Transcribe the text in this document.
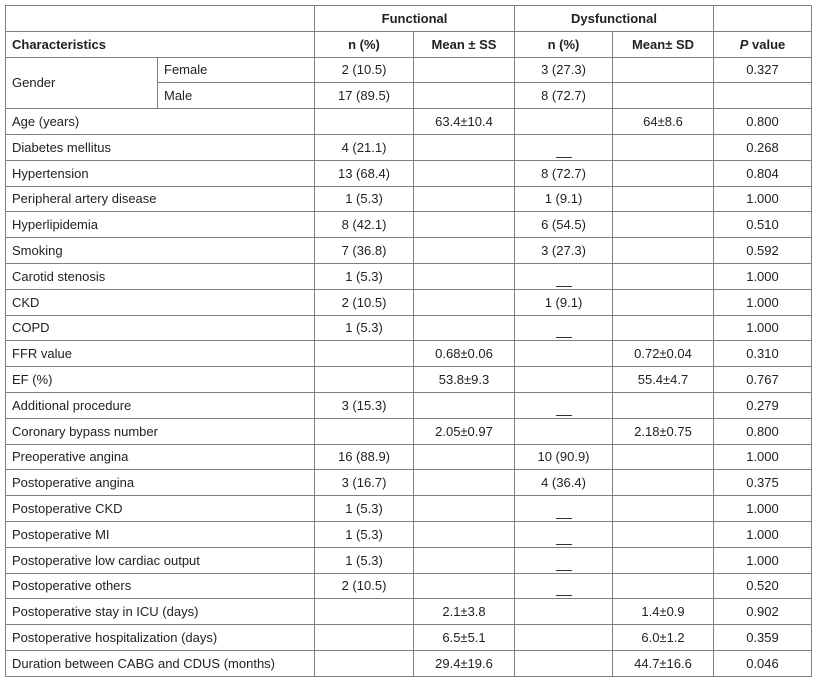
		Functional		Dysfunctional		
Characteristics		n (%)	Mean ± SS	n (%)	Mean± SD	P value
Gender	Female	2 (10.5)		3 (27.3)		0.327
	Male	17 (89.5)		8 (72.7)		
Age (years)			63.4±10.4		64±8.6	0.800
Diabetes mellitus		4 (21.1)				0.268
Hypertension		13 (68.4)		8 (72.7)		0.804
Peripheral artery disease		1 (5.3)		1 (9.1)		1.000
Hyperlipidemia		8 (42.1)		6 (54.5)		0.510
Smoking		7 (36.8)		3 (27.3)		0.592
Carotid stenosis		1 (5.3)				1.000
CKD		2 (10.5)		1 (9.1)		1.000
COPD		1 (5.3)				1.000
FFR value			0.68±0.06		0.72±0.04	0.310
EF (%)			53.8±9.3		55.4±4.7	0.767
Additional procedure		3 (15.3)				0.279
Coronary bypass number			2.05±0.97		2.18±0.75	0.800
Preoperative angina		16 (88.9)		10 (90.9)		1.000
Postoperative angina		3 (16.7)		4 (36.4)		0.375
Postoperative CKD		1 (5.3)				1.000
Postoperative MI		1 (5.3)				1.000
Postoperative low cardiac output		1 (5.3)				1.000
Postoperative others		2 (10.5)				0.520
Postoperative stay in ICU (days)			2.1±3.8		1.4±0.9	0.902
Postoperative hospitalization (days)			6.5±5.1		6.0±1.2	0.359
Duration between CABG and CDUS (months)			29.4±19.6		44.7±16.6	0.046
